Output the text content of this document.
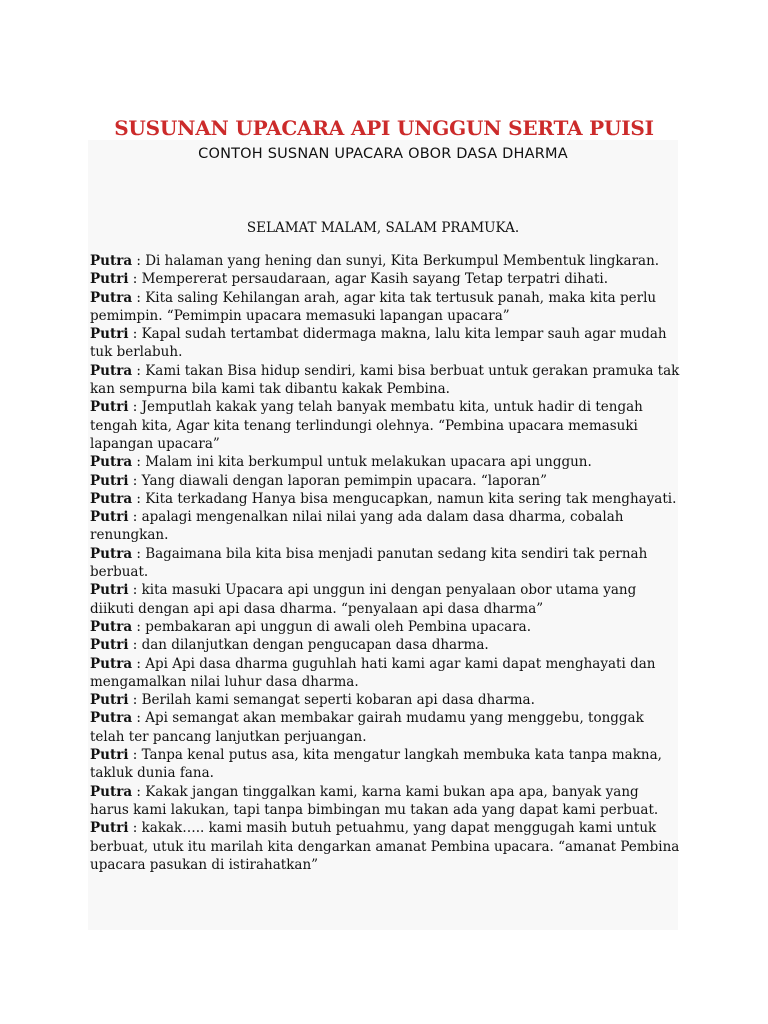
SUSUNAN UPACARA API UNGGUN SERTA PUISI

CONTOH SUSNAN UPACARA OBOR DASA DHARMA

SELAMAT MALAM, SALAM PRAMUKA.

Putra : Di halaman yang hening dan sunyi, Kita Berkumpul Membentuk lingkaran.
Putri : Mempererat persaudaraan, agar Kasih sayang Tetap terpatri dihati.
Putra : Kita saling Kehilangan arah, agar kita tak tertusuk panah, maka kita perlu pemimpin. “Pemimpin upacara memasuki lapangan upacara”
Putri : Kapal sudah tertambat didermaga makna, lalu kita lempar sauh agar mudah tuk berlabuh.
Putra : Kami takan Bisa hidup sendiri, kami bisa berbuat untuk gerakan pramuka tak kan sempurna bila kami tak dibantu kakak Pembina.
Putri : Jemputlah kakak yang telah banyak membatu kita, untuk hadir di tengah tengah kita, Agar kita tenang terlindungi olehnya. “Pembina upacara memasuki lapangan upacara”
Putra : Malam ini kita berkumpul untuk melakukan upacara api unggun.
Putri : Yang diawali dengan laporan pemimpin upacara. “laporan”
Putra : Kita terkadang Hanya bisa mengucapkan, namun kita sering tak menghayati.
Putri : apalagi mengenalkan nilai nilai yang ada dalam dasa dharma, cobalah renungkan.
Putra : Bagaimana bila kita bisa menjadi panutan sedang kita sendiri tak pernah berbuat.
Putri : kita masuki Upacara api unggun ini dengan penyalaan obor utama yang diikuti dengan api api dasa dharma. “penyalaan api dasa dharma”
Putra : pembakaran api unggun di awali oleh Pembina upacara.
Putri : dan dilanjutkan dengan pengucapan dasa dharma.
Putra : Api Api dasa dharma guguhlah hati kami agar kami dapat menghayati dan mengamalkan nilai luhur dasa dharma.
Putri : Berilah kami semangat seperti kobaran api dasa dharma.
Putra : Api semangat akan membakar gairah mudamu yang menggebu, tonggak telah ter pancang lanjutkan perjuangan.
Putri : Tanpa kenal putus asa, kita mengatur langkah membuka kata tanpa makna, takluk dunia fana.
Putra : Kakak jangan tinggalkan kami, karna kami bukan apa apa, banyak yang harus kami lakukan, tapi tanpa bimbingan mu takan ada yang dapat kami perbuat.
Putri : kakak….. kami masih butuh petuahmu, yang dapat menggugah kami untuk berbuat, utuk itu marilah kita dengarkan amanat Pembina upacara. “amanat Pembina upacara pasukan di istirahatkan”
